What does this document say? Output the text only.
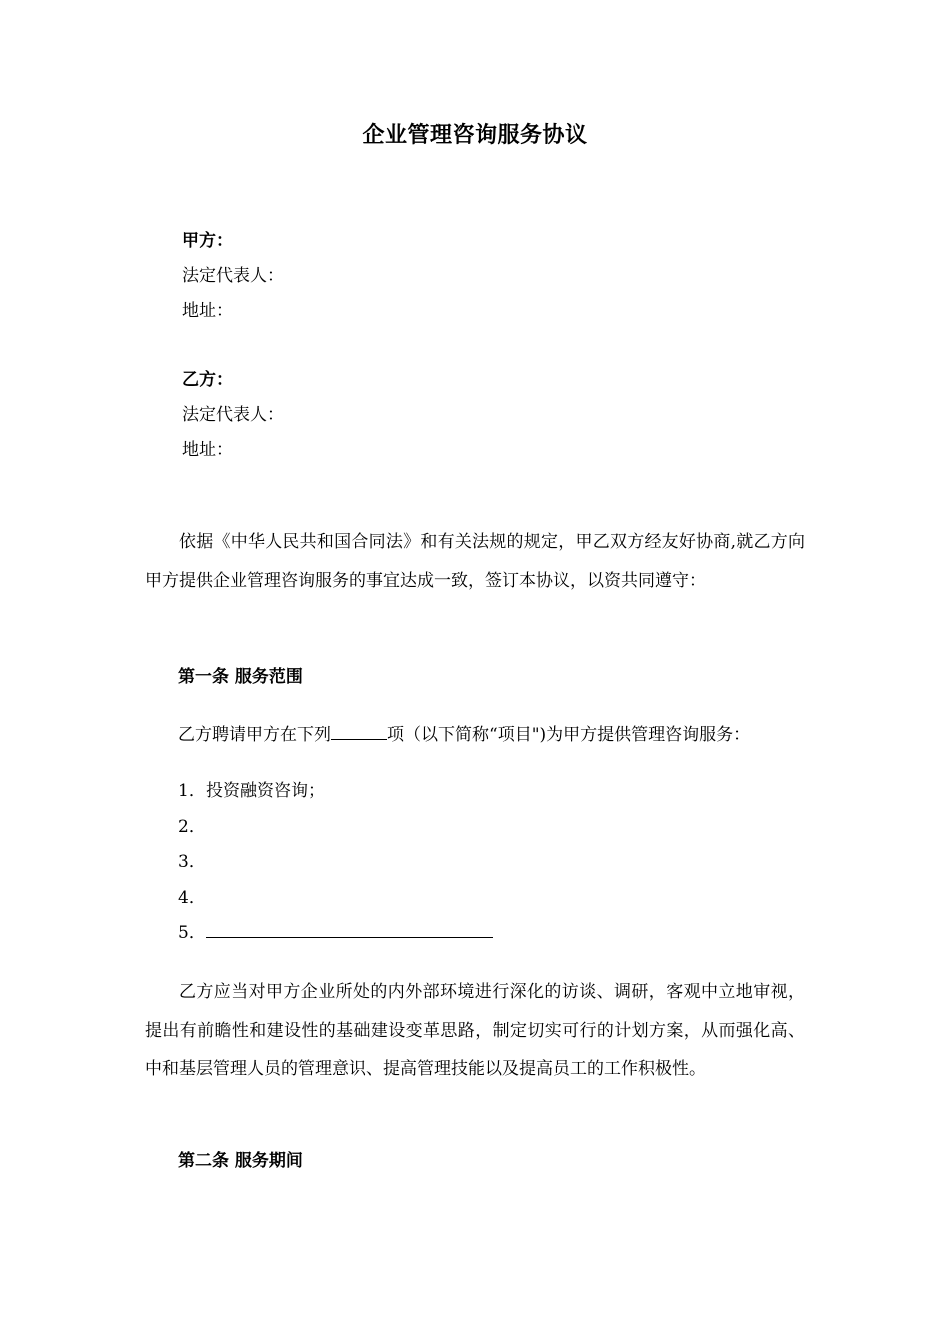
企业管理咨询服务协议
甲方：
法定代表人：
地址：
乙方：
法定代表人：
地址：
依据《中华人民共和国合同法》和有关法规的规定，甲乙双方经友好协商,就乙方向甲方提供企业管理咨询服务的事宜达成一致，签订本协议，以资共同遵守：
第一条 服务范围
乙方聘请甲方在下列	项（以下简称“项目")为甲方提供管理咨询服务：
1．投资融资咨询；
2．
3．
4．
5．
乙方应当对甲方企业所处的内外部环境进行深化的访谈、调研，客观中立地审视，提出有前瞻性和建设性的基础建设变革思路，制定切实可行的计划方案，从而强化高、中和基层管理人员的管理意识、提高管理技能以及提高员工的工作积极性。
第二条 服务期间
